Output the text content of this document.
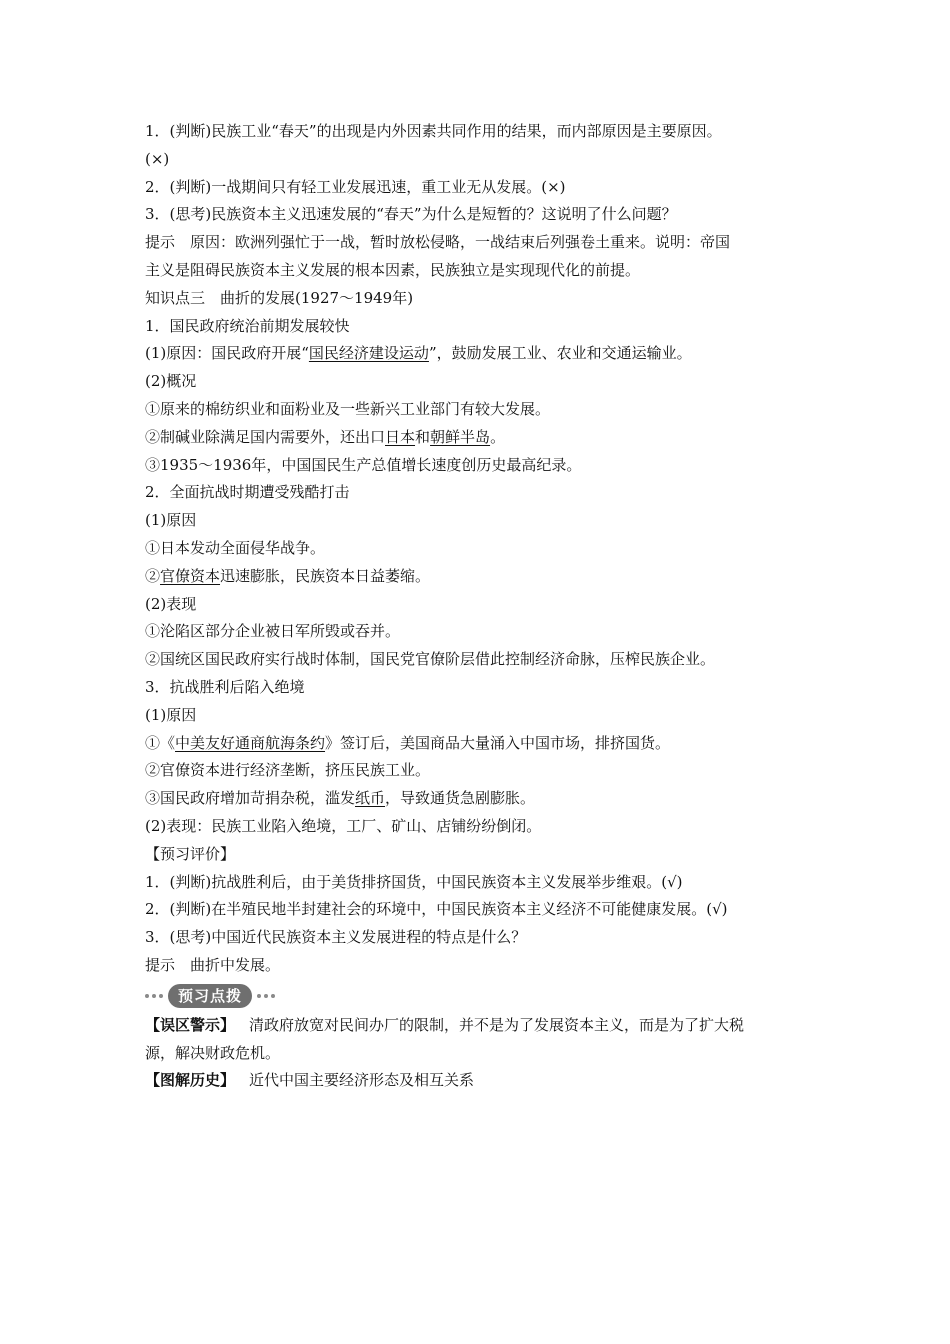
1．(判断)民族工业“春天”的出现是内外因素共同作用的结果，而内部原因是主要原因。
(×)
2．(判断)一战期间只有轻工业发展迅速，重工业无从发展。(×)
3．(思考)民族资本主义迅速发展的“春天”为什么是短暂的？这说明了什么问题？
提示　原因：欧洲列强忙于一战，暂时放松侵略，一战结束后列强卷土重来。说明：帝国
主义是阻碍民族资本主义发展的根本因素，民族独立是实现现代化的前提。
知识点三　曲折的发展(1927～1949年)
1．国民政府统治前期发展较快
(1)原因：国民政府开展“国民经济建设运动”，鼓励发展工业、农业和交通运输业。
(2)概况
①原来的棉纺织业和面粉业及一些新兴工业部门有较大发展。
②制碱业除满足国内需要外，还出口日本和朝鲜半岛。
③1935～1936年，中国国民生产总值增长速度创历史最高纪录。
2．全面抗战时期遭受残酷打击
(1)原因
①日本发动全面侵华战争。
②官僚资本迅速膨胀，民族资本日益萎缩。
(2)表现
①沦陷区部分企业被日军所毁或吞并。
②国统区国民政府实行战时体制，国民党官僚阶层借此控制经济命脉，压榨民族企业。
3．抗战胜利后陷入绝境
(1)原因
①《中美友好通商航海条约》签订后，美国商品大量涌入中国市场，排挤国货。
②官僚资本进行经济垄断，挤压民族工业。
③国民政府增加苛捐杂税，滥发纸币，导致通货急剧膨胀。
(2)表现：民族工业陷入绝境，工厂、矿山、店铺纷纷倒闭。
【预习评价】
1．(判断)抗战胜利后，由于美货排挤国货，中国民族资本主义发展举步维艰。(√)
2．(判断)在半殖民地半封建社会的环境中，中国民族资本主义经济不可能健康发展。(√)
3．(思考)中国近代民族资本主义发展进程的特点是什么？
提示　曲折中发展。
预习点拨
【误区警示】 清政府放宽对民间办厂的限制，并不是为了发展资本主义，而是为了扩大税
源，解决财政危机。
【图解历史】 近代中国主要经济形态及相互关系
